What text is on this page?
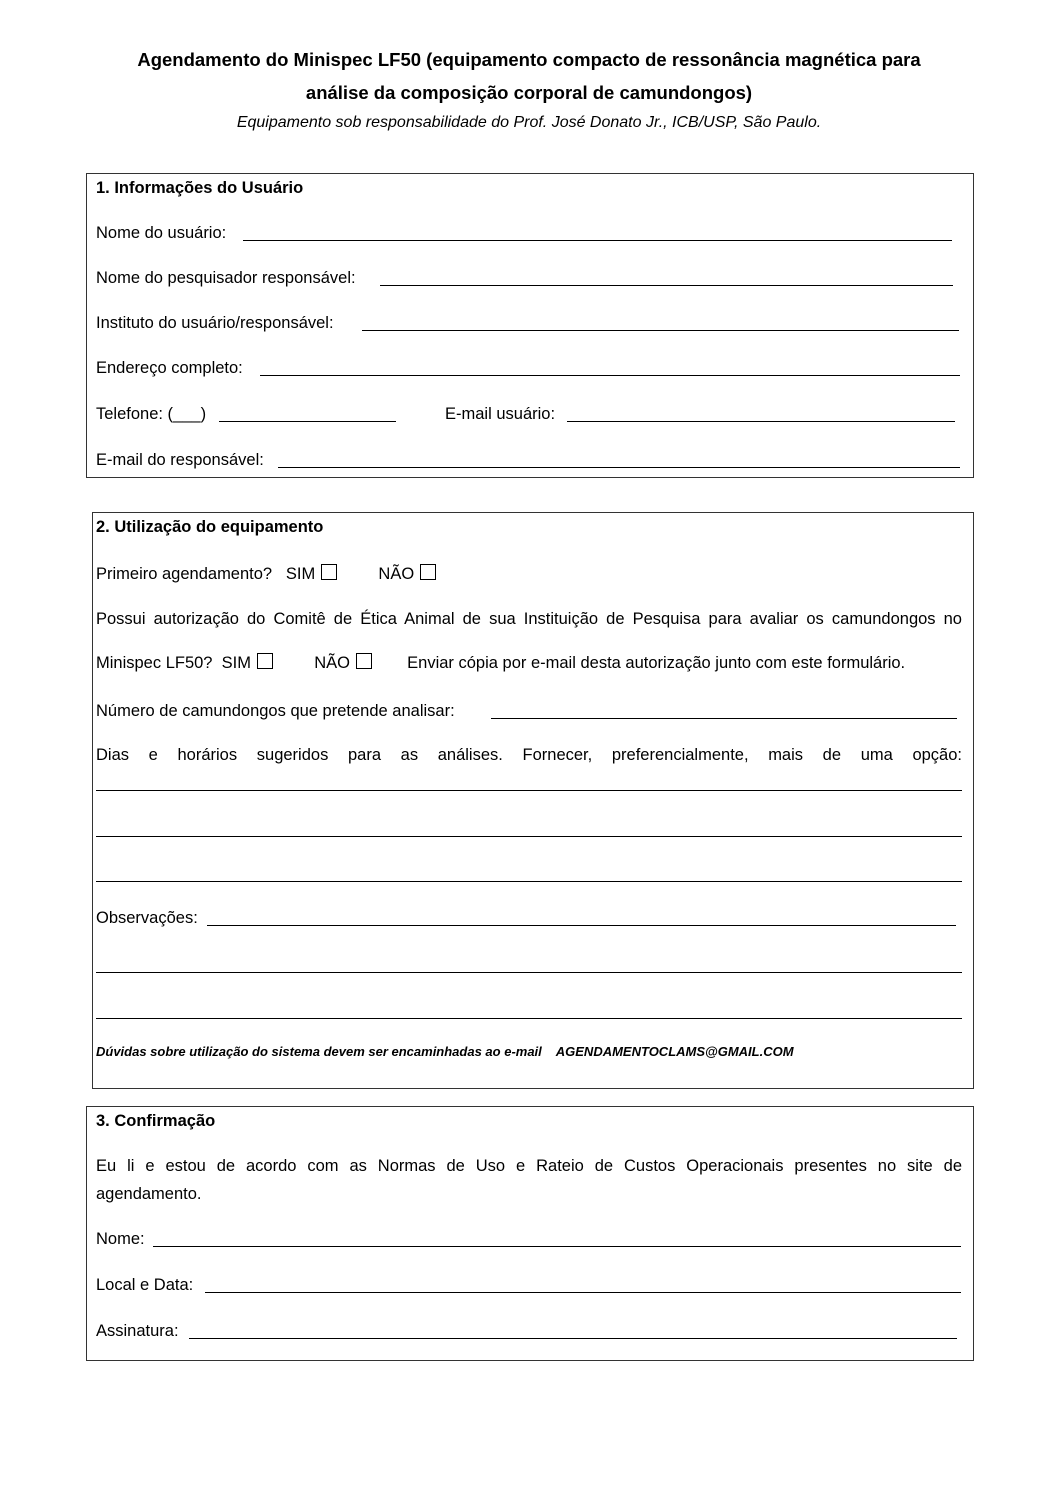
Agendamento do Minispec LF50 (equipamento compacto de ressonância magnética para
análise da composição corporal de camundongos)
Equipamento sob responsabilidade do Prof. José Donato Jr., ICB/USP, São Paulo.
1. Informações do Usuário
Nome do usuário:
Nome do pesquisador responsável:
Instituto do usuário/responsável:
Endereço completo:
Telefone: (___)	E-mail usuário:
E-mail do responsável:
2. Utilização do equipamento
Primeiro agendamento? SIM	NÃO
Possui autorização do Comitê de Ética Animal de sua Instituição de Pesquisa para avaliar os camundongos no
Minispec LF50? SIM	NÃO	Enviar cópia por e-mail desta autorização junto com este formulário.
Número de camundongos que pretende analisar:
Dias e horários sugeridos para as análises. Fornecer, preferencialmente, mais de uma opção:
Observações:
Dúvidas sobre utilização do sistema devem ser encaminhadas ao e-mail AGENDAMENTOCLAMS@GMAIL.COM
3. Confirmação
Eu li e estou de acordo com as Normas de Uso e Rateio de Custos Operacionais presentes no site de
agendamento.
Nome:
Local e Data:
Assinatura:
